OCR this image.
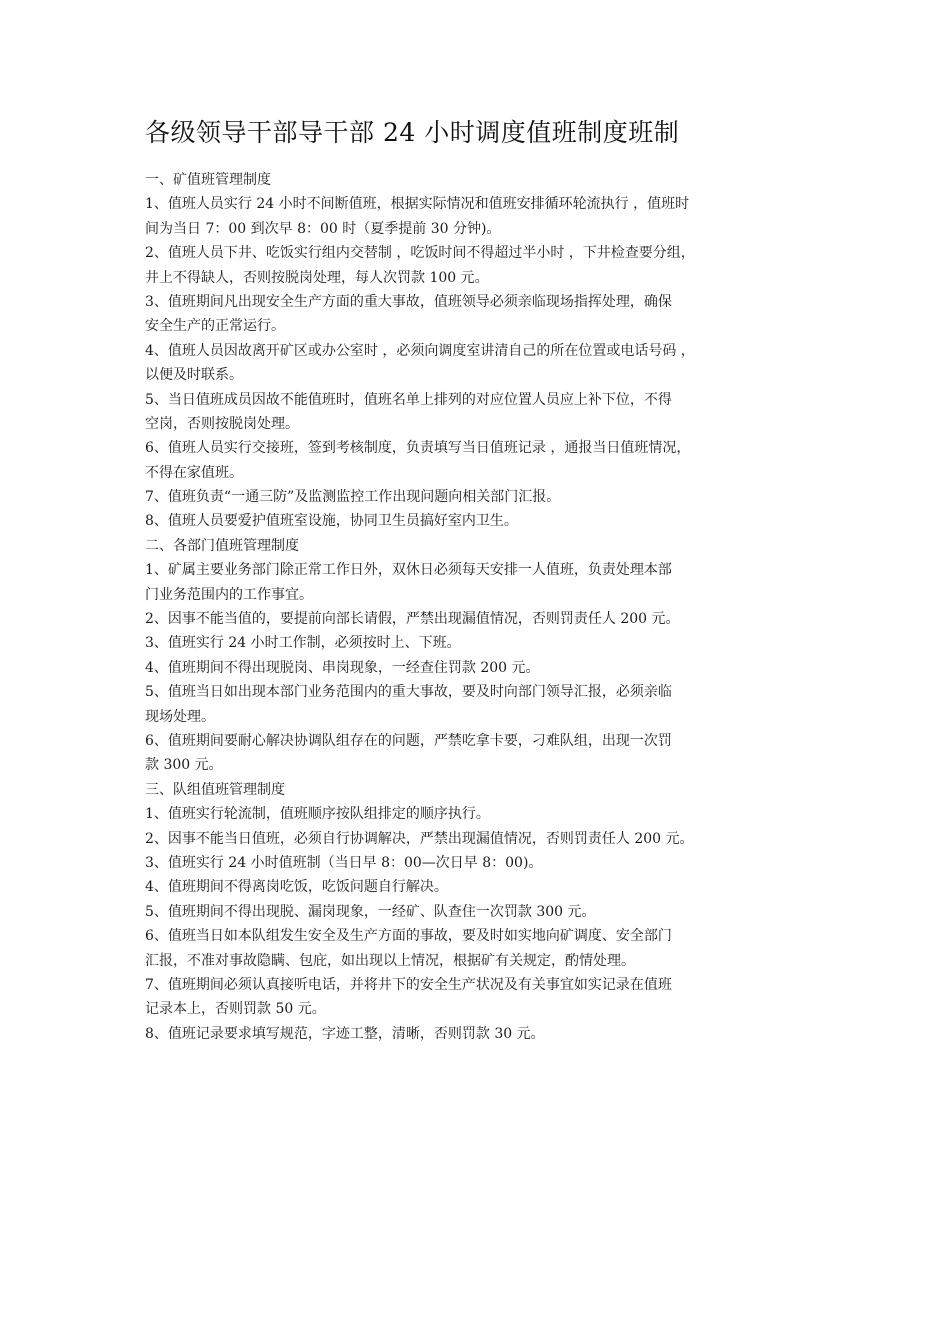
各级领导干部导干部 24 小时调度值班制度班制

一、矿值班管理制度

1、值班人员实行 24 小时不间断值班，根据实际情况和值班安排循环轮流执行 ，值班时

间为当日 7：00 到次早 8：00 时（夏季提前 30 分钟)。

2、值班人员下井、吃饭实行组内交替制 ，吃饭时间不得超过半小时 ，下井检查要分组，

井上不得缺人，否则按脱岗处理，每人次罚款 100 元。

3、值班期间凡出现安全生产方面的重大事故，值班领导必须亲临现场指挥处理，确保

安全生产的正常运行。

4、值班人员因故离开矿区或办公室时 ，必须向调度室讲清自己的所在位置或电话号码 ，

以便及时联系。

5、当日值班成员因故不能值班时，值班名单上排列的对应位置人员应上补下位，不得

空岗，否则按脱岗处理。

6、值班人员实行交接班，签到考核制度，负责填写当日值班记录 ，通报当日值班情况，

不得在家值班。

7、值班负责“一通三防”及监测监控工作出现问题向相关部门汇报。

8、值班人员要爱护值班室设施，协同卫生员搞好室内卫生。

二、各部门值班管理制度

1、矿属主要业务部门除正常工作日外，双休日必须每天安排一人值班，负责处理本部

门业务范围内的工作事宜。

2、因事不能当值的，要提前向部长请假，严禁出现漏值情况，否则罚责任人 200 元。

3、值班实行 24 小时工作制，必须按时上、下班。

4、值班期间不得出现脱岗、串岗现象，一经查住罚款 200 元。

5、值班当日如出现本部门业务范围内的重大事故，要及时向部门领导汇报，必须亲临

现场处理。

6、值班期间要耐心解决协调队组存在的问题，严禁吃拿卡要，刁难队组，出现一次罚

款 300 元。

三、队组值班管理制度

1、值班实行轮流制，值班顺序按队组排定的顺序执行。

2、因事不能当日值班，必须自行协调解决，严禁出现漏值情况，否则罚责任人 200 元。

3、值班实行 24 小时值班制（当日早 8：00—次日早 8：00)。

4、值班期间不得离岗吃饭，吃饭问题自行解决。

5、值班期间不得出现脱、漏岗现象，一经矿、队查住一次罚款 300 元。

6、值班当日如本队组发生安全及生产方面的事故，要及时如实地向矿调度、安全部门

汇报，不准对事故隐瞒、包庇，如出现以上情况，根据矿有关规定，酌情处理。

7、值班期间必须认真接听电话，并将井下的安全生产状况及有关事宜如实记录在值班

记录本上，否则罚款 50 元。

8、值班记录要求填写规范，字迹工整，清晰，否则罚款 30 元。
